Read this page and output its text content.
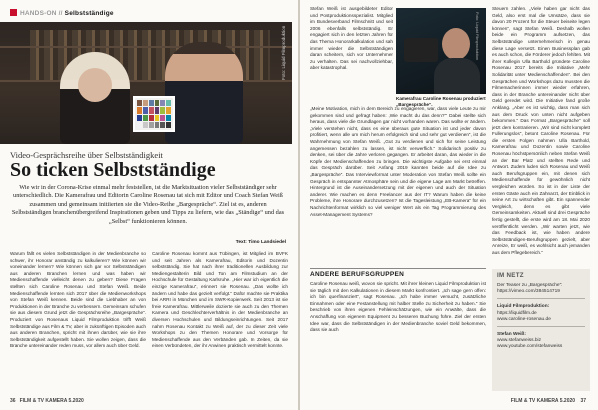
HANDS-ON // Selbstständige
Foto: Liquid Filmproduktion
Video-Gesprächsreihe über Selbstständigkeit
So ticken Selbstständige
Wie wir in der Corona-Krise einmal mehr feststellen, ist die Marktsituation vieler Selbstständiger sehr unterschiedlich. Die Kamerafrau und Editorin Caroline Rosenau tat sich mit Editor und Coach Stefan Weiß zusammen und gemeinsam initiierten sie die Video-Reihe „Bargespräche“. Ziel ist es, anderen Selbstständigen branchenübergreifend Inspirationen geben und Tipps zu liefern, wie das „Ständige“ und das „Selbst“ funktionieren können.
Text: Timo Landsiedel
Warum fällt es vielen Selbstständigen in der Medienbranche so schwer, ihr Honorar anständig zu kalkulieren? Wie können wir voneinander lernen? Wie können sich gar vor Selbstständigen aus anderen Branchen lernen und was haben wir Medienschaffende vielleicht denen zu geben? Diese Fragen stellten sich Caroline Rosenau und Stefan Weiß. Beide Medienschaffende lernten sich 2017 über die Medienworkshops von Stefan Weiß kennen. Beide sind die Liebhaber an von Produktionen in der Branche zu verbessern. Gemeinsam schufen sie aus diesem Grund jetzt die Gesprächsreihe „Bargespräche“. Produziert von Rosenaus Liquid Filmproduktion trifft Weiß Selbstständige aus Film & TV, aber in zukünftigen Episoden auch aus anderen Branchen, spricht mit ihnen darüber, wie sie ihre Selbstständigkeit aufgestellt haben. Sie wollen zeigen, dass die Branche untereinander reden muss, vor allem auch über Geld.
Caroline Rosenau kommt aus Tübingen, ist Mitglied im BVFK und seit Jahren als Kamerafrau, Editorin und Dozentin selbstständig. Sie hat nach ihrer traditionellen Ausbildung zur Mediengestalterin Bild und Ton am Filmstudium an der Hochschule für Gestaltung Karlsruhe. „Hier war ich eigentlich die einzige Kamerafrau“, erinnert sie Rosenau. „Das wollte ich ändern und habe das gezielt verfolgt.“ Dafür machte sie Praktika bei ARRI in München und im SWR-Kopierwerk. Seit 2013 ist sie freie Kamerafrau. Mittlerweile dozierte sie auch zu den Themen Kamera und Geschlechterverhältnis in der Medienbranche an diversen Hochschulen und Bildungseinrichtungen. Seit 2017 nahm Rosenau Kontakt zu Weiß auf, der zu dieser Zeit viele Workshops zu den Themen Honorare und Vorsorge für Medienschaffende aus den Verbänden gab. In Zeiten, da sie einen Verbündeten, der ihr Anwinen praktisch vermittelt konnte.
36 FILM & TV KAMERA 5.2020
Stefan Weiß ist ausgebildeter Editor und Postproduktionsspezialist. Mitglied im Bundesverband Filmschnitt und seit 2006 ebenfalls selbstständig. Er engagiert sich in den letzten Jahren für das Thema Honorarkalkulation und sah immer wieder die Selbstständigen daran scheitern, sich vor Unternehmer zu verhalten. Das sei nachvollziehbar, aber katastrophal.
Foto: Liquid Filmproduktion
Kamerafrau Caroline Rosenau produziert „Bargespräche“.
„Meine Motivation, mich in dem Bereich zu engagieren, war, dass viele Leute zu mir gekommen sind und gefragt haben: ‚Wie macht du das denn?‘“ Dabei stellte sich heraus, dass viele die Grundlagen gar nicht vorhanden waren. Das wollte er ändern. „Viele verstehen nicht, dass es eine überaus gute Situation ist und jeder davon profitiert, wenn alle um mich herum erfolgreich sind und sehr gut verdienen“, ist die Wahrnehmung von Stefan Weiß. „Gut zu verdienen und sich für seine Leistung angemessen bezahlen zu lassen, ist nicht verwerflich.“ Solidarisch positiv zu denken, sei über die Jahre verloren gegangen. Er arbeitet daran, das wieder in die Köpfe der Medienschaffenden zu bringen. Die wichtigste Aufgabe sei erst einmal das Gespräch darüber. Seit Anfang 2019 kannten beide auf die Idee zu „Bargespräche“. Das Interviewformat unter Moderation von Stefan Weiß sollte ein Gespräch in entspannter Atmosphäre sein und die eigene Lage am Markt betreffen. Hintergrund ist die Auseinandersetzung mit der eigenen und auch der Situation anderer. Wie machen es denn Freelancer aus der IT? Warum haben die keine Probleme, ihre Honorare durchzusetzen? Ist die Tagesleistung „EB-Kamera“ für ein Nachrichtenformat wirklich so viel weniger Wert als ein Tag Programmierung des Asset-Management Systems?
Steuern zahlen. „Viele haben gar nicht das Geld, also erst mal die Umsätze, dass sie davon 20 Prozent für die Steuer beiseite legen können“, sagt Stefan Weiß. Deshalb wollen beide ein Programm aufsetzen, das Selbstständige unternehmerisch in genau diese Lage versetzt. Einen Businessplan gab es auch schon, die Förderer jedoch fehlten. Mit ihrer Kollegin Ulla Barthold gründete Caroline Rosenau 2017 bereits die Initiative „Mehr Solidarität unter Medienschaffenden“. Bei den Gesprächen und Workshops dazu mussten die Filmemacherinnen immer wieder erfahren, dass in der Branche untereinander nicht über Geld geredet wird. Die Initiative fand große Anklang. „Aber es ist wichtig, dass man sich aus dem Druck von unten nicht aufgeben bekommen.“ Das Format „Bargespräche“ soll jetzt dem kontrarieren. „Wir sind nicht komplett Fullerungslos“, betont Caroline Rosenau. Für die ersten Folgen nahmen Ulla Barthold, Kamerafrau und Dozentin sowie Caroline Rosenau höchstpersönlich neben Stefan Weiß an der Bar Platz und stellten Rede und Antwort. Zudem luden sich Rosenau und Weiß auch Berufsgruppen ein, mit denen sich Medienschaffende für gewöhnlich nicht vergleichen würden. So ist in der Liste der ersten Gäste auch ein Zahnarzt, der Einblick in seine Art zu wirtschaften gibt. Ein spannender Vergleich, denn es gibt viele Gemeinsamkeiten. Aktuell sind drei Gespräche fertig gestellt, die erste wird am 18. Mai 2020 veröffentlicht werden. „Wir warten jetzt, wie das Feedback ist, wie haben andere Selbstständigen-Berufsgruppen gezielt, aber Anreize, Er weiß, es wohlsicht auch jemanden aus dem Pflegebereich.“
ANDERE BERUFSGRUPPEN
Caroline Rosenau weiß, wovon sie spricht. Mit ihrer kleinen Liquid Filmproduktion ist sie täglich mit den Kalkulationen in diesem Markt konfrontiert. „Ich sage gern offen: ich bin querfinanziert“, sagt Rosenau. „Ich habe immer versucht, zusätzliche Einnahmen oder eine Festanstellung mit halber Stelle zu Sicherheit zu haben.“ Sie beschrieb von ihren eigenen Fehleinschätzungen, wie ein Anwälte, dass die Anschaffung von eigenem Equipment zu besseren Buchung führe. Ziel der ersten Idee war, dass die Selbstständigen in der Medienbranche soviel Geld bekommen, dass sie auch
IM NETZ
Der Teaser zu „Bargespräche“:
https://vimeo.com/384514719
Liquid Filmproduktion:
https://liquidfilm.de
www.caroline-rosenau.de
Stefan Weiß:
www.stefanweiss.biz
www.youtube.com/stefanweiss
FILM & TV KAMERA 5.2020 37
